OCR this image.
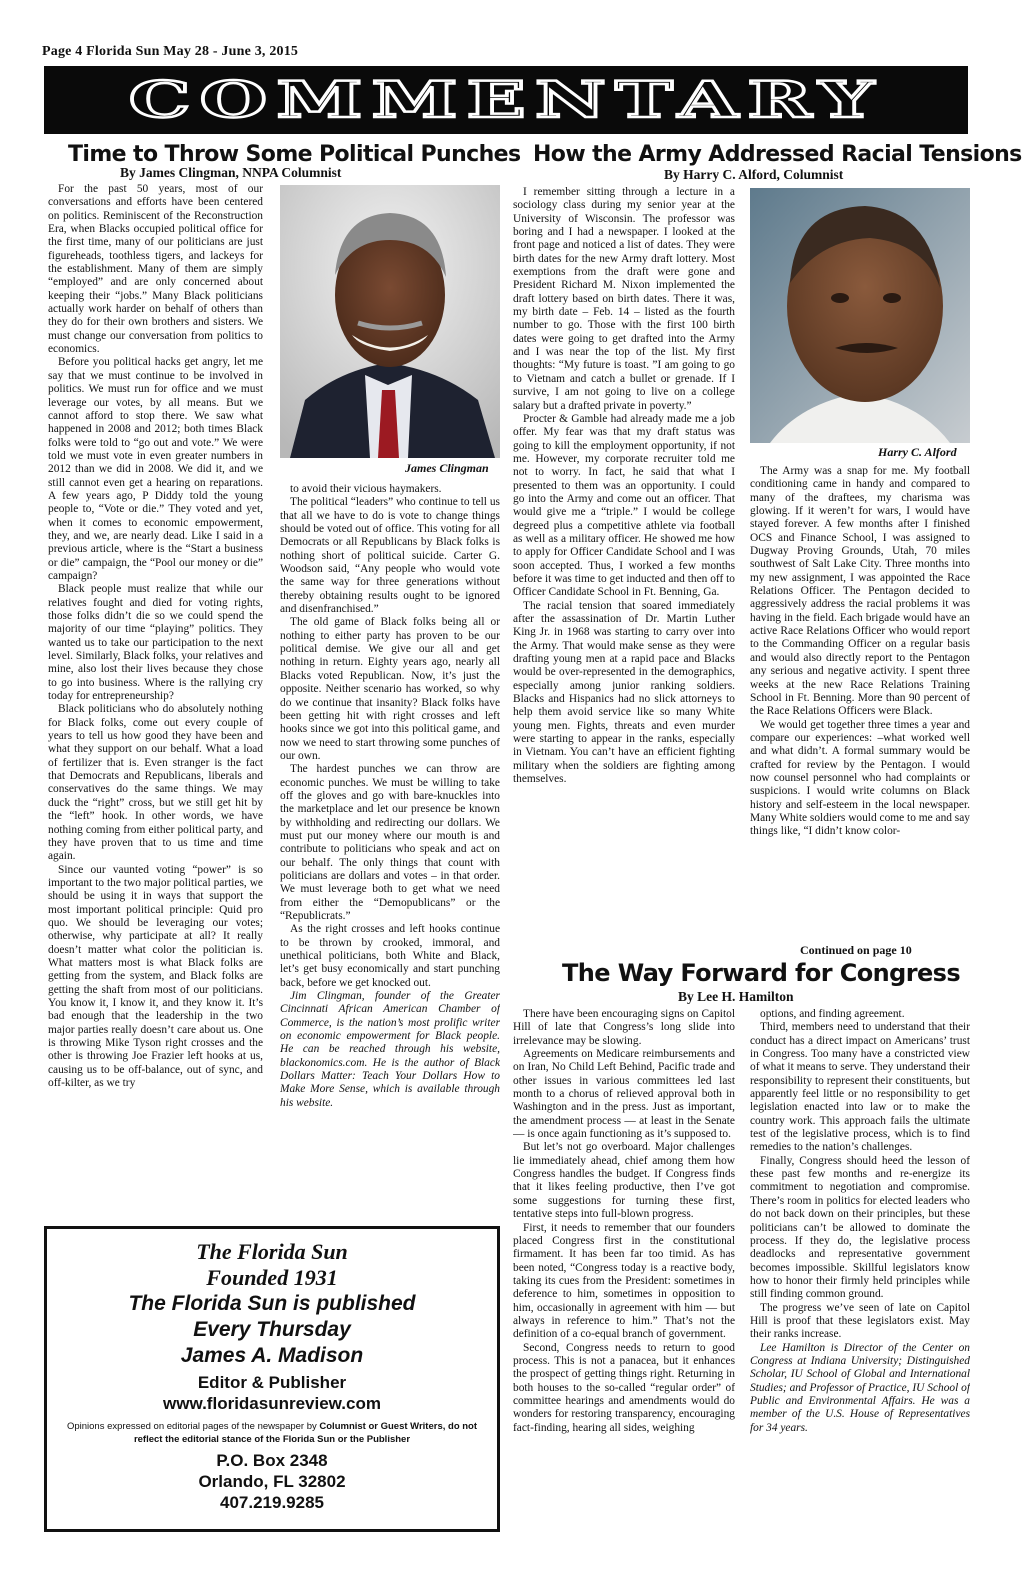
Page 4 Florida Sun May 28 - June 3, 2015
COMMENTARY
Time to Throw Some Political Punches
By James Clingman, NNPA Columnist

For the past 50 years, most of our conversations and efforts have been centered on politics. Reminiscent of the Reconstruction Era, when Blacks occupied political office for the first time, many of our politicians are just figureheads, toothless tigers, and lackeys for the establishment. Many of them are simply “employed” and are only concerned about keeping their “jobs.” Many Black politicians actually work harder on behalf of others than they do for their own brothers and sisters. We must change our conversation from politics to economics.

Before you political hacks get angry, let me say that we must continue to be involved in politics. We must run for office and we must leverage our votes, by all means. But we cannot afford to stop there. We saw what happened in 2008 and 2012; both times Black folks were told to “go out and vote.” We were told we must vote in even greater numbers in 2012 than we did in 2008. We did it, and we still cannot even get a hearing on reparations. A few years ago, P Diddy told the young people to, “Vote or die.” They voted and yet, when it comes to economic empowerment, they, and we, are nearly dead. Like I said in a previous article, where is the “Start a business or die” campaign, the “Pool our money or die” campaign?

Black people must realize that while our relatives fought and died for voting rights, those folks didn’t die so we could spend the majority of our time “playing” politics. They wanted us to take our participation to the next level. Similarly, Black folks, your relatives and mine, also lost their lives because they chose to go into business. Where is the rallying cry today for entrepreneurship?

Black politicians who do absolutely nothing for Black folks, come out every couple of years to tell us how good they have been and what they support on our behalf. What a load of fertilizer that is. Even stranger is the fact that Democrats and Republicans, liberals and conservatives do the same things. We may duck the “right” cross, but we still get hit by the “left” hook. In other words, we have nothing coming from either political party, and they have proven that to us time and time again.

Since our vaunted voting “power” is so important to the two major political parties, we should be using it in ways that support the most important political principle: Quid pro quo. We should be leveraging our votes; otherwise, why participate at all? It really doesn’t matter what color the politician is. What matters most is what Black folks are getting from the system, and Black folks are getting the shaft from most of our politicians. You know it, I know it, and they know it. It’s bad enough that the leadership in the two major parties really doesn’t care about us. One is throwing Mike Tyson right crosses and the other is throwing Joe Frazier left hooks at us, causing us to be off-balance, out of sync, and off-kilter, as we try

James Clingman

to avoid their vicious haymakers.

The political “leaders” who continue to tell us that all we have to do is vote to change things should be voted out of office. This voting for all Democrats or all Republicans by Black folks is nothing short of political suicide. Carter G. Woodson said, “Any people who would vote the same way for three generations without thereby obtaining results ought to be ignored and disenfranchised.”

The old game of Black folks being all or nothing to either party has proven to be our political demise. We give our all and get nothing in return. Eighty years ago, nearly all Blacks voted Republican. Now, it’s just the opposite. Neither scenario has worked, so why do we continue that insanity? Black folks have been getting hit with right crosses and left hooks since we got into this political game, and now we need to start throwing some punches of our own.

The hardest punches we can throw are economic punches. We must be willing to take off the gloves and go with bare-knuckles into the marketplace and let our presence be known by withholding and redirecting our dollars. We must put our money where our mouth is and contribute to politicians who speak and act on our behalf. The only things that count with politicians are dollars and votes – in that order. We must leverage both to get what we need from either the “Demopublicans” or the “Republicrats.”

As the right crosses and left hooks continue to be thrown by crooked, immoral, and unethical politicians, both White and Black, let’s get busy economically and start punching back, before we get knocked out.

Jim Clingman, founder of the Greater Cincinnati African American Chamber of Commerce, is the nation’s most prolific writer on economic empowerment for Black people. He can be reached through his website, blackonomics.com. He is the author of Black Dollars Matter: Teach Your Dollars How to Make More Sense, which is available through his website.

How the Army Addressed Racial Tensions
By Harry C. Alford, Columnist

I remember sitting through a lecture in a sociology class during my senior year at the University of Wisconsin. The professor was boring and I had a newspaper. I looked at the front page and noticed a list of dates. They were birth dates for the new Army draft lottery. Most exemptions from the draft were gone and President Richard M. Nixon implemented the draft lottery based on birth dates. There it was, my birth date – Feb. 14 – listed as the fourth number to go. Those with the first 100 birth dates were going to get drafted into the Army and I was near the top of the list. My first thoughts: “My future is toast. ”I am going to go to Vietnam and catch a bullet or grenade. If I survive, I am not going to live on a college salary but a drafted private in poverty.”

Procter & Gamble had already made me a job offer. My fear was that my draft status was going to kill the employment opportunity, if not me. However, my corporate recruiter told me not to worry. In fact, he said that what I presented to them was an opportunity. I could go into the Army and come out an officer. That would give me a “triple.” I would be college degreed plus a competitive athlete via football as well as a military officer. He showed me how to apply for Officer Candidate School and I was soon accepted. Thus, I worked a few months before it was time to get inducted and then off to Officer Candidate School in Ft. Benning, Ga.

The racial tension that soared immediately after the assassination of Dr. Martin Luther King Jr. in 1968 was starting to carry over into the Army. That would make sense as they were drafting young men at a rapid pace and Blacks would be over-represented in the demographics, especially among junior ranking soldiers. Blacks and Hispanics had no slick attorneys to help them avoid service like so many White young men. Fights, threats and even murder were starting to appear in the ranks, especially in Vietnam. You can’t have an efficient fighting military when the soldiers are fighting among themselves.

Harry C. Alford

The Army was a snap for me. My football conditioning came in handy and compared to many of the draftees, my charisma was glowing. If it weren’t for wars, I would have stayed forever. A few months after I finished OCS and Finance School, I was assigned to Dugway Proving Grounds, Utah, 70 miles southwest of Salt Lake City. Three months into my new assignment, I was appointed the Race Relations Officer. The Pentagon decided to aggressively address the racial problems it was having in the field. Each brigade would have an active Race Relations Officer who would report to the Commanding Officer on a regular basis and would also directly report to the Pentagon any serious and negative activity. I spent three weeks at the new Race Relations Training School in Ft. Benning. More than 90 percent of the Race Relations Officers were Black.

We would get together three times a year and compare our experiences: –what worked well and what didn’t. A formal summary would be crafted for review by the Pentagon. I would now counsel personnel who had complaints or suspicions. I would write columns on Black history and self-esteem in the local newspaper. Many White soldiers would come to me and say things like, “I didn’t know color-

Continued on page 10
The Way Forward for Congress
By Lee H. Hamilton

There have been encouraging signs on Capitol Hill of late that Congress’s long slide into irrelevance may be slowing.

Agreements on Medicare reimbursements and on Iran, No Child Left Behind, Pacific trade and other issues in various committees led last month to a chorus of relieved approval both in Washington and in the press. Just as important, the amendment process — at least in the Senate — is once again functioning as it’s supposed to.

But let’s not go overboard. Major challenges lie immediately ahead, chief among them how Congress handles the budget. If Congress finds that it likes feeling productive, then I’ve got some suggestions for turning these first, tentative steps into full-blown progress.

First, it needs to remember that our founders placed Congress first in the constitutional firmament. It has been far too timid. As has been noted, “Congress today is a reactive body, taking its cues from the President: sometimes in deference to him, sometimes in opposition to him, occasionally in agreement with him — but always in reference to him.” That’s not the definition of a co-equal branch of government.

Second, Congress needs to return to good process. This is not a panacea, but it enhances the prospect of getting things right. Returning in both houses to the so-called “regular order” of committee hearings and amendments would do wonders for restoring transparency, encouraging fact-finding, hearing all sides, weighing

options, and finding agreement.

Third, members need to understand that their conduct has a direct impact on Americans’ trust in Congress. Too many have a constricted view of what it means to serve. They understand their responsibility to represent their constituents, but apparently feel little or no responsibility to get legislation enacted into law or to make the country work. This approach fails the ultimate test of the legislative process, which is to find remedies to the nation’s challenges.

Finally, Congress should heed the lesson of these past few months and re-energize its commitment to negotiation and compromise. There’s room in politics for elected leaders who do not back down on their principles, but these politicians can’t be allowed to dominate the process. If they do, the legislative process deadlocks and representative government becomes impossible. Skillful legislators know how to honor their firmly held principles while still finding common ground.

The progress we’ve seen of late on Capitol Hill is proof that these legislators exist. May their ranks increase.

Lee Hamilton is Director of the Center on Congress at Indiana University; Distinguished Scholar, IU School of Global and International Studies; and Professor of Practice, IU School of Public and Environmental Affairs. He was a member of the U.S. House of Representatives for 34 years.

The Florida Sun
Founded 1931
The Florida Sun is published
Every Thursday
James A. Madison
Editor & Publisher
www.floridasunreview.com
Opinions expressed on editorial pages of the newspaper by Columnist or Guest Writers, do not reflect the editorial stance of the Florida Sun or the Publisher
P.O. Box 2348
Orlando, FL 32802
407.219.9285
